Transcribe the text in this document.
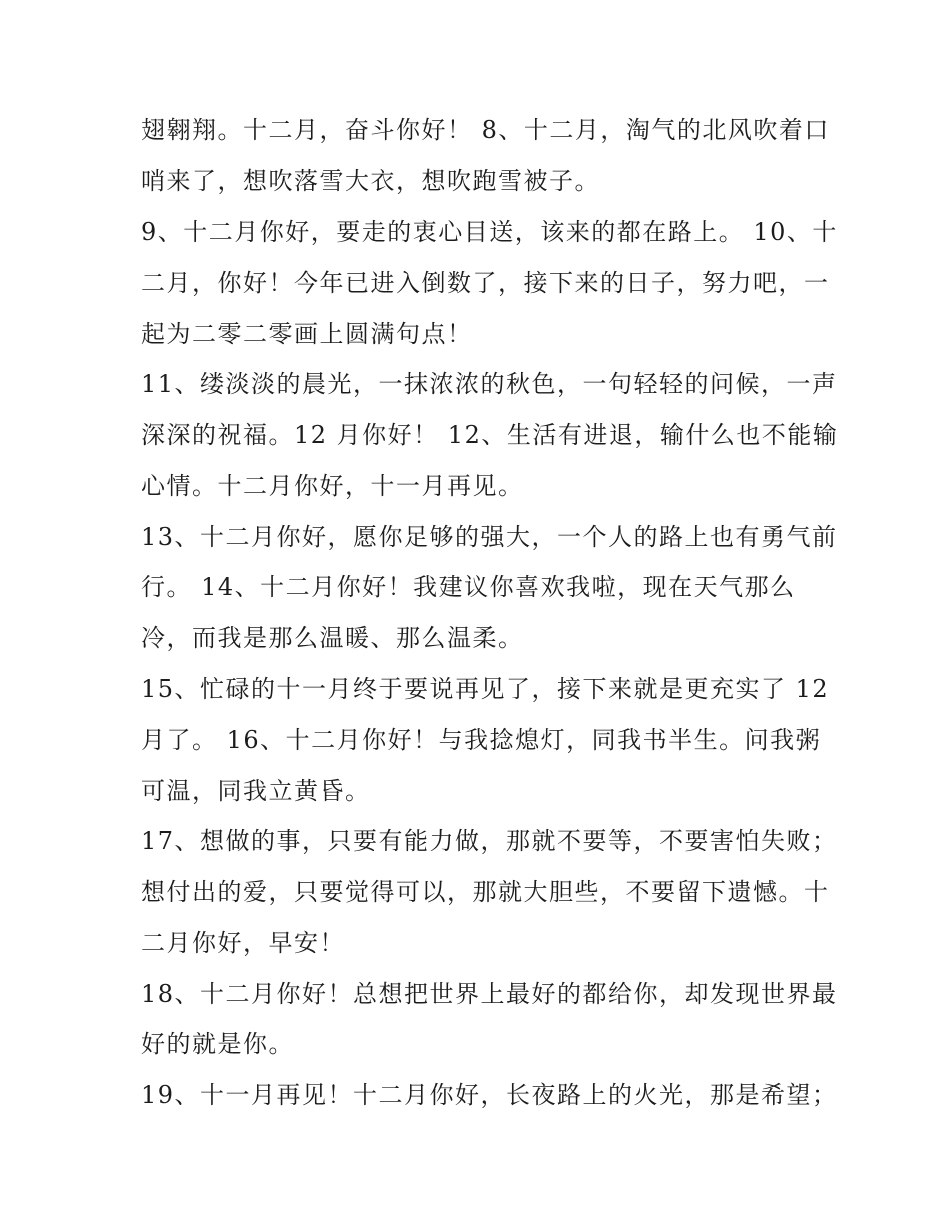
翅翱翔。十二月，奋斗你好！ 8、十二月，淘气的北风吹着口
哨来了，想吹落雪大衣，想吹跑雪被子。
9、十二月你好，要走的衷心目送，该来的都在路上。 10、十
二月，你好！今年已进入倒数了，接下来的日子，努力吧，一
起为二零二零画上圆满句点！
11、缕淡淡的晨光，一抹浓浓的秋色，一句轻轻的问候，一声
深深的祝福。12 月你好！ 12、生活有进退，输什么也不能输
心情。十二月你好，十一月再见。
13、十二月你好，愿你足够的强大，一个人的路上也有勇气前
行。 14、十二月你好！我建议你喜欢我啦，现在天气那么
冷，而我是那么温暖、那么温柔。
15、忙碌的十一月终于要说再见了，接下来就是更充实了 12
月了。 16、十二月你好！与我捻熄灯，同我书半生。问我粥
可温，同我立黄昏。
17、想做的事，只要有能力做，那就不要等，不要害怕失败；
想付出的爱，只要觉得可以，那就大胆些，不要留下遗憾。十
二月你好，早安！
18、十二月你好！总想把世界上最好的都给你，却发现世界最
好的就是你。
19、十一月再见！十二月你好，长夜路上的火光，那是希望；
